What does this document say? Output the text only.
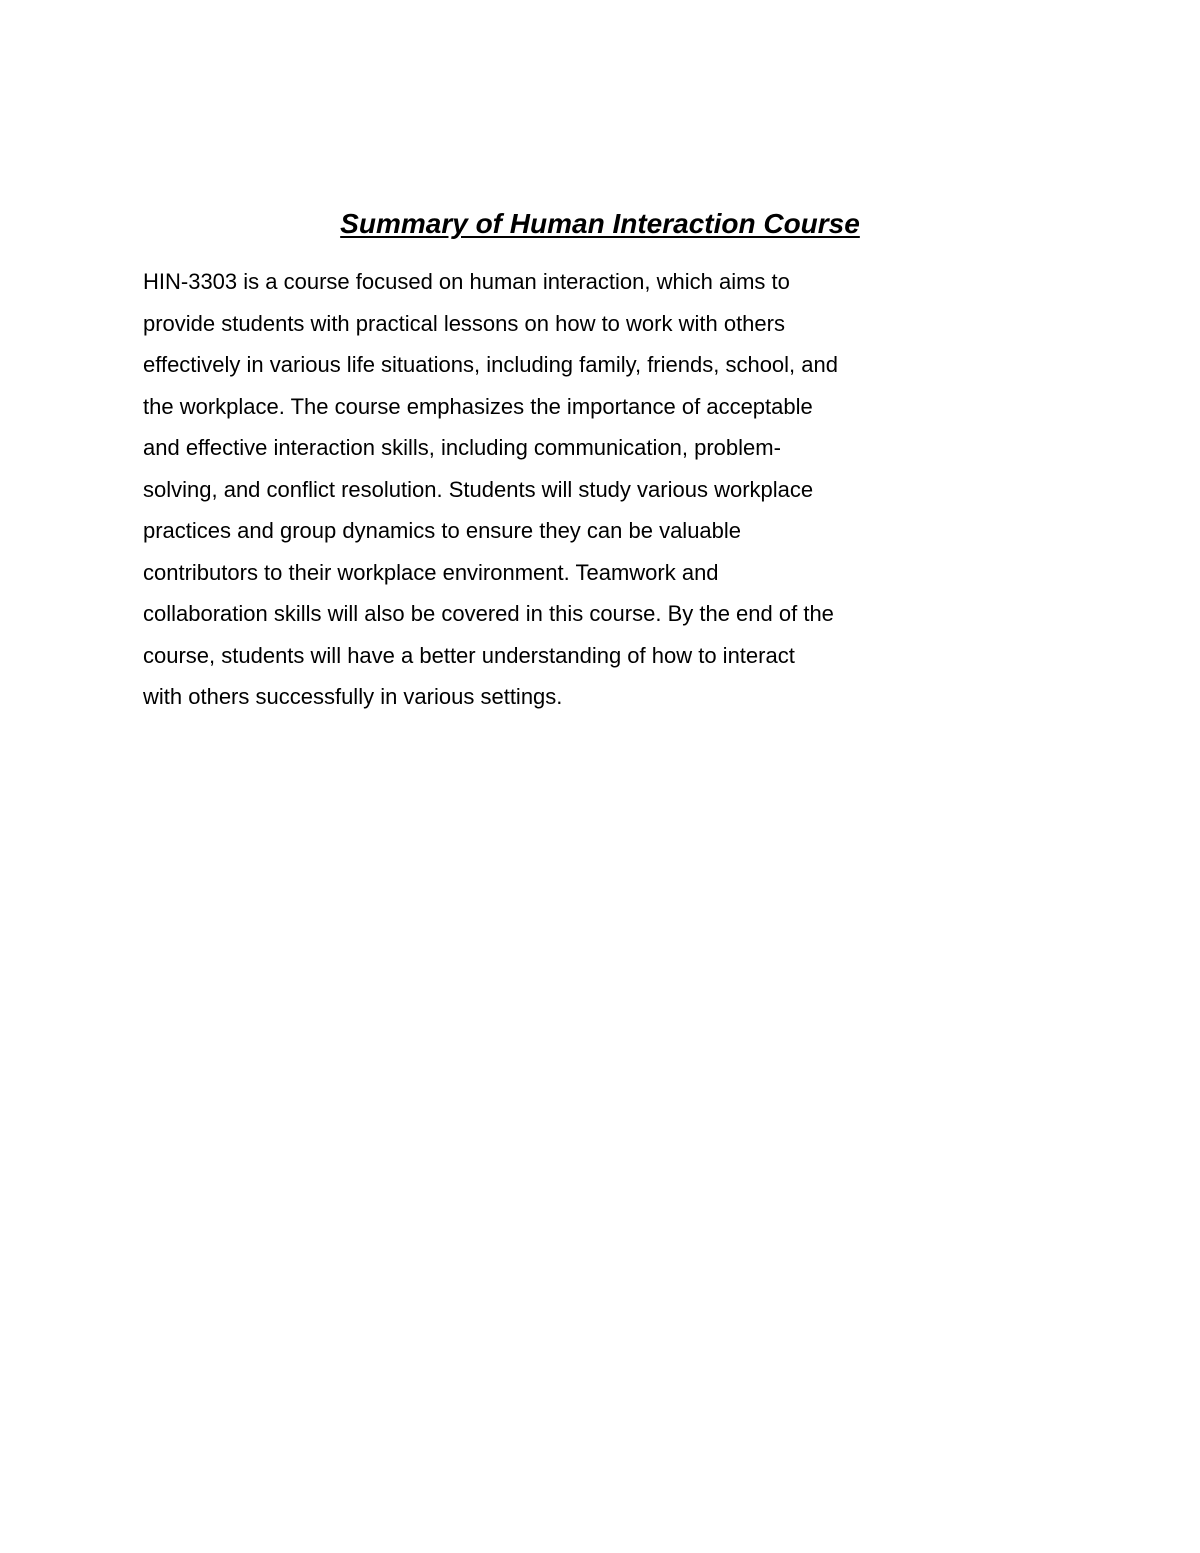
Summary of Human Interaction Course
HIN-3303 is a course focused on human interaction, which aims to
provide students with practical lessons on how to work with others
effectively in various life situations, including family, friends, school, and
the workplace. The course emphasizes the importance of acceptable
and effective interaction skills, including communication, problem-
solving, and conflict resolution. Students will study various workplace
practices and group dynamics to ensure they can be valuable
contributors to their workplace environment. Teamwork and
collaboration skills will also be covered in this course. By the end of the
course, students will have a better understanding of how to interact
with others successfully in various settings.
